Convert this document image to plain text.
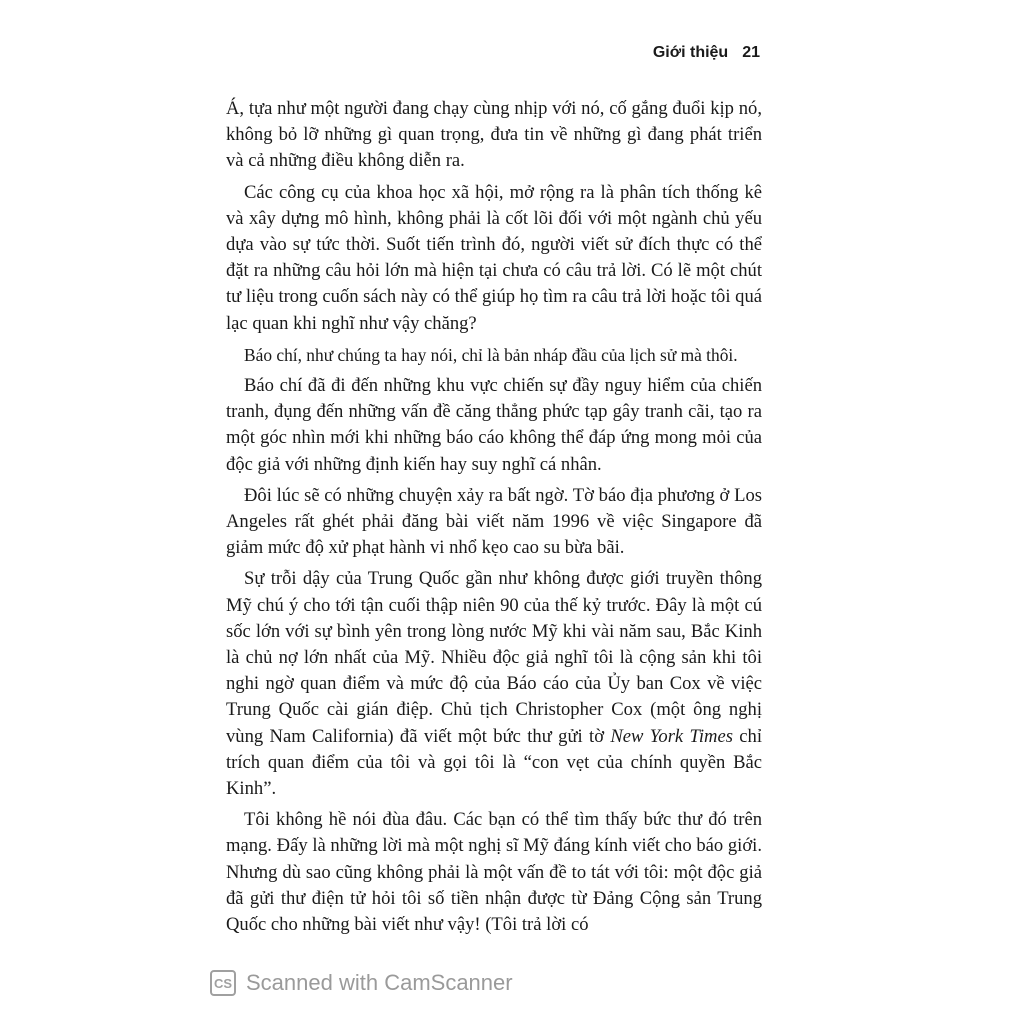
Giới thiệu 21

Á, tựa như một người đang chạy cùng nhịp với nó, cố gắng đuổi kịp nó, không bỏ lỡ những gì quan trọng, đưa tin về những gì đang phát triển và cả những điều không diễn ra.

Các công cụ của khoa học xã hội, mở rộng ra là phân tích thống kê và xây dựng mô hình, không phải là cốt lõi đối với một ngành chủ yếu dựa vào sự tức thời. Suốt tiến trình đó, người viết sử đích thực có thể đặt ra những câu hỏi lớn mà hiện tại chưa có câu trả lời. Có lẽ một chút tư liệu trong cuốn sách này có thể giúp họ tìm ra câu trả lời hoặc tôi quá lạc quan khi nghĩ như vậy chăng?

Báo chí, như chúng ta hay nói, chỉ là bản nháp đầu của lịch sử mà thôi.

Báo chí đã đi đến những khu vực chiến sự đầy nguy hiểm của chiến tranh, đụng đến những vấn đề căng thẳng phức tạp gây tranh cãi, tạo ra một góc nhìn mới khi những báo cáo không thể đáp ứng mong mỏi của độc giả với những định kiến hay suy nghĩ cá nhân.

Đôi lúc sẽ có những chuyện xảy ra bất ngờ. Tờ báo địa phương ở Los Angeles rất ghét phải đăng bài viết năm 1996 về việc Singapore đã giảm mức độ xử phạt hành vi nhổ kẹo cao su bừa bãi.

Sự trỗi dậy của Trung Quốc gần như không được giới truyền thông Mỹ chú ý cho tới tận cuối thập niên 90 của thế kỷ trước. Đây là một cú sốc lớn với sự bình yên trong lòng nước Mỹ khi vài năm sau, Bắc Kinh là chủ nợ lớn nhất của Mỹ. Nhiều độc giả nghĩ tôi là cộng sản khi tôi nghi ngờ quan điểm và mức độ của Báo cáo của Ủy ban Cox về việc Trung Quốc cài gián điệp. Chủ tịch Christopher Cox (một ông nghị vùng Nam California) đã viết một bức thư gửi tờ New York Times chỉ trích quan điểm của tôi và gọi tôi là “con vẹt của chính quyền Bắc Kinh”.

Tôi không hề nói đùa đâu. Các bạn có thể tìm thấy bức thư đó trên mạng. Đấy là những lời mà một nghị sĩ Mỹ đáng kính viết cho báo giới. Nhưng dù sao cũng không phải là một vấn đề to tát với tôi: một độc giả đã gửi thư điện tử hỏi tôi số tiền nhận được từ Đảng Cộng sản Trung Quốc cho những bài viết như vậy! (Tôi trả lời có

CS Scanned with CamScanner
